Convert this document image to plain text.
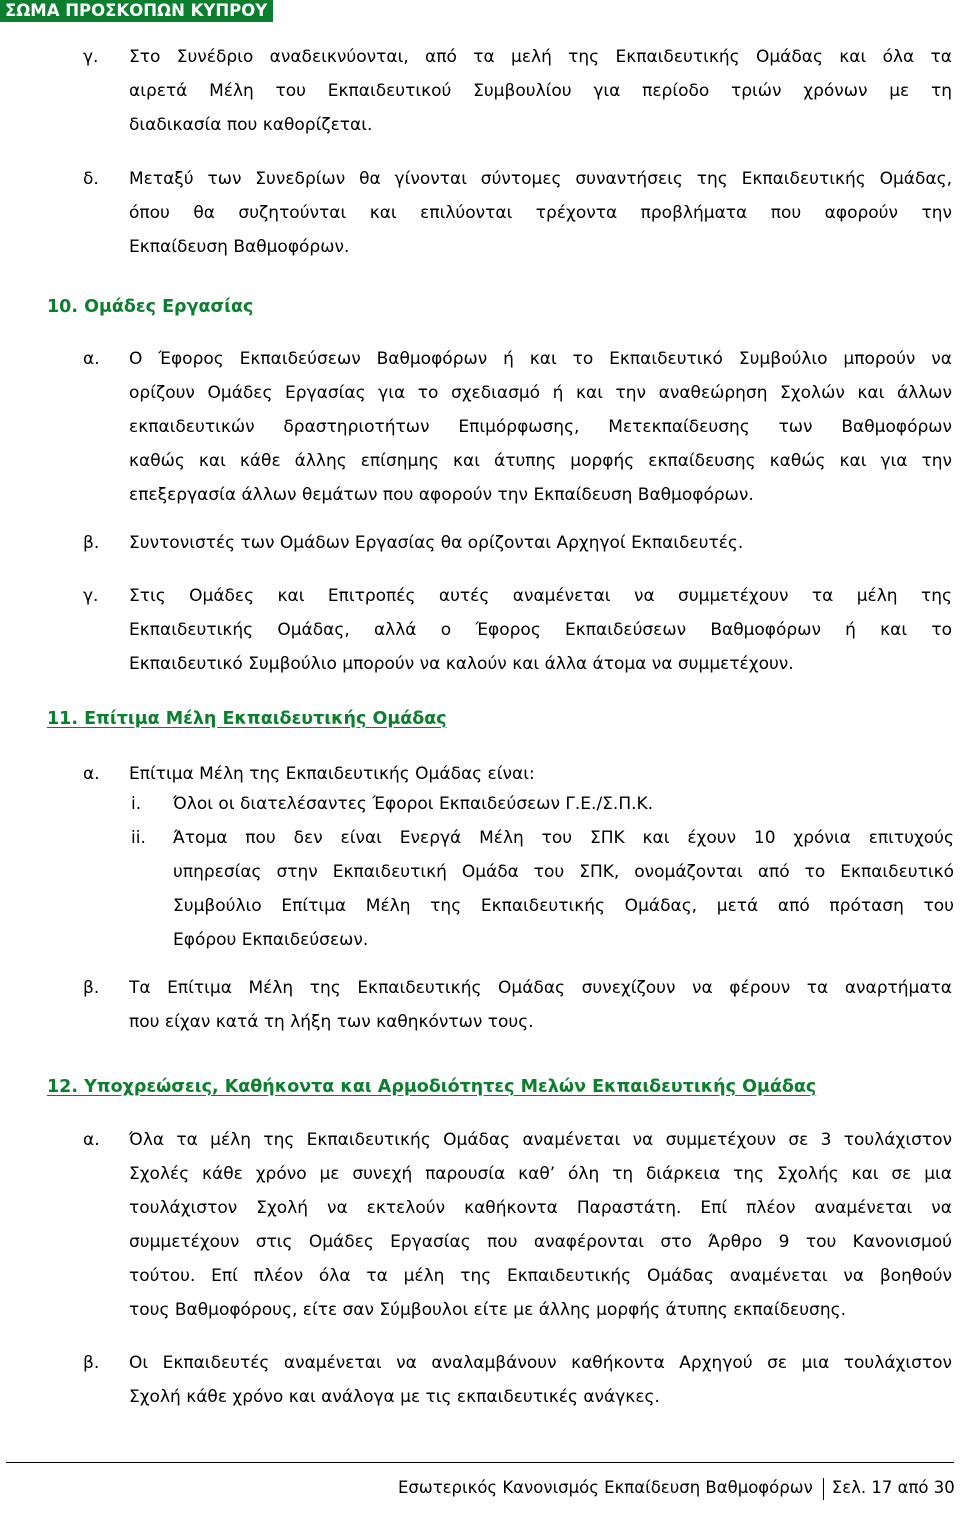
ΣΩΜΑ ΠΡΟΣΚΟΠΩΝ ΚΥΠΡΟΥ
γ. Στο Συνέδριο αναδεικνύονται, από τα μελή της Εκπαιδευτικής Ομάδας και όλα τα
αιρετά Μέλη του Εκπαιδευτικού Συμβουλίου για περίοδο τριών χρόνων με τη
διαδικασία που καθορίζεται.
δ. Μεταξύ των Συνεδρίων θα γίνονται σύντομες συναντήσεις της Εκπαιδευτικής Ομάδας,
όπου θα συζητούνται και επιλύονται τρέχοντα προβλήματα που αφορούν την
Εκπαίδευση Βαθμοφόρων.
10. Ομάδες Εργασίας
α. Ο Έφορος Εκπαιδεύσεων Βαθμοφόρων ή και το Εκπαιδευτικό Συμβούλιο μπορούν να
ορίζουν Ομάδες Εργασίας για το σχεδιασμό ή και την αναθεώρηση Σχολών και άλλων
εκπαιδευτικών δραστηριοτήτων Επιμόρφωσης, Μετεκπαίδευσης των Βαθμοφόρων
καθώς και κάθε άλλης επίσημης και άτυπης μορφής εκπαίδευσης καθώς και για την
επεξεργασία άλλων θεμάτων που αφορούν την Εκπαίδευση Βαθμοφόρων.
β. Συντονιστές των Ομάδων Εργασίας θα ορίζονται Αρχηγοί Εκπαιδευτές.
γ. Στις Ομάδες και Επιτροπές αυτές αναμένεται να συμμετέχουν τα μέλη της
Εκπαιδευτικής Ομάδας, αλλά ο Έφορος Εκπαιδεύσεων Βαθμοφόρων ή και το
Εκπαιδευτικό Συμβούλιο μπορούν να καλούν και άλλα άτομα να συμμετέχουν.
11. Επίτιμα Μέλη Εκπαιδευτικής Ομάδας
α. Επίτιμα Μέλη της Εκπαιδευτικής Ομάδας είναι:
i. Όλοι οι διατελέσαντες Έφοροι Εκπαιδεύσεων Γ.Ε./Σ.Π.Κ.
ii. Άτομα που δεν είναι Ενεργά Μέλη του ΣΠΚ και έχουν 10 χρόνια επιτυχούς
υπηρεσίας στην Εκπαιδευτική Ομάδα του ΣΠΚ, ονομάζονται από το Εκπαιδευτικό
Συμβούλιο Επίτιμα Μέλη της Εκπαιδευτικής Ομάδας, μετά από πρόταση του
Εφόρου Εκπαιδεύσεων.
β. Τα Επίτιμα Μέλη της Εκπαιδευτικής Ομάδας συνεχίζουν να φέρουν τα αναρτήματα
που είχαν κατά τη λήξη των καθηκόντων τους.
12. Υποχρεώσεις, Καθήκοντα και Αρμοδιότητες Μελών Εκπαιδευτικής Ομάδας
α. Όλα τα μέλη της Εκπαιδευτικής Ομάδας αναμένεται να συμμετέχουν σε 3 τουλάχιστον
Σχολές κάθε χρόνο με συνεχή παρουσία καθ’ όλη τη διάρκεια της Σχολής και σε μια
τουλάχιστον Σχολή να εκτελούν καθήκοντα Παραστάτη. Επί πλέον αναμένεται να
συμμετέχουν στις Ομάδες Εργασίας που αναφέρονται στο Άρθρο 9 του Κανονισμού
τούτου. Επί πλέον όλα τα μέλη της Εκπαιδευτικής Ομάδας αναμένεται να βοηθούν
τους Βαθμοφόρους, είτε σαν Σύμβουλοι είτε με άλλης μορφής άτυπης εκπαίδευσης.
β. Οι Εκπαιδευτές αναμένεται να αναλαμβάνουν καθήκοντα Αρχηγού σε μια τουλάχιστον
Σχολή κάθε χρόνο και ανάλογα με τις εκπαιδευτικές ανάγκες.
Εσωτερικός Κανονισμός Εκπαίδευση Βαθμοφόρων Σελ. 17 από 30
